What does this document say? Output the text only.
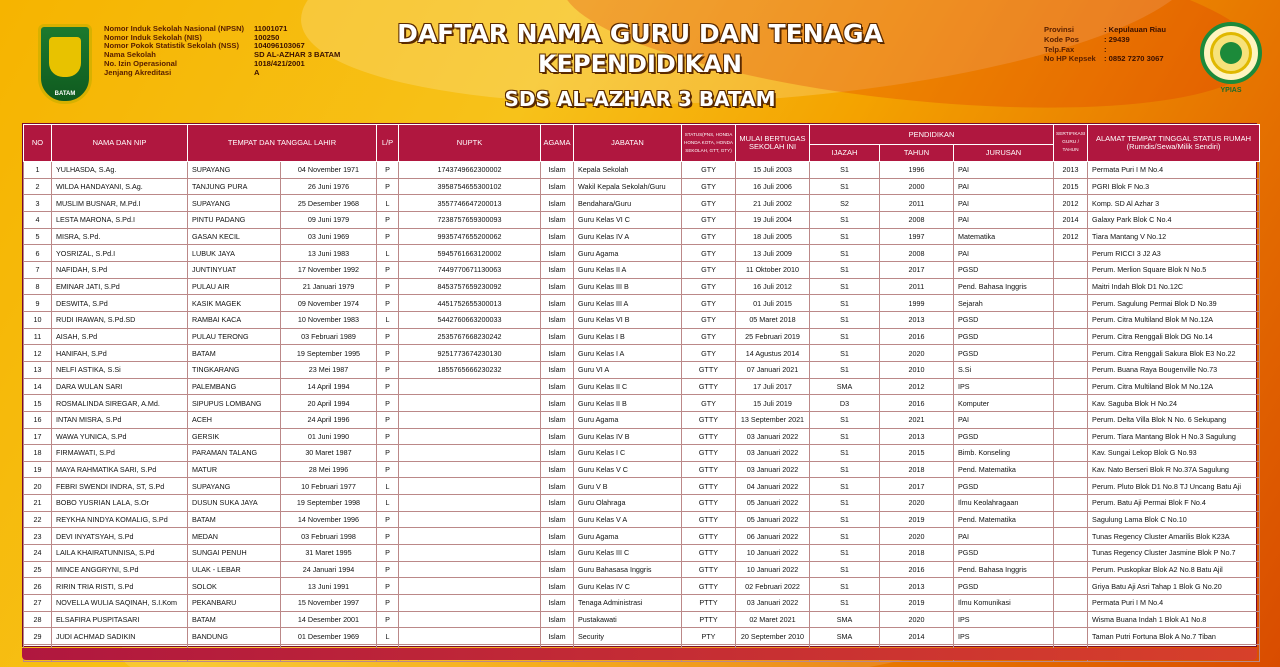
BATAM
Nomor Induk Sekolah Nasional (NPSN)	11001071
Nomor Induk Sekolah (NIS)	100250
Nomor Pokok Statistik Sekolah (NSS)	104096103067
Nama Sekolah	SD AL-AZHAR 3 BATAM
No. Izin Operasional	1018/421/2001
Jenjang Akreditasi	A
DAFTAR NAMA GURU DAN TENAGA
KEPENDIDIKAN
SDS AL-AZHAR 3 BATAM
Provinsi	: Kepulauan Riau
Kode Pos	: 29439
Telp.Fax	:
No HP Kepsek	: 0852 7270 3067
YPIAS
NO	NAMA DAN NIP	TEMPAT DAN TANGGAL LAHIR		L/P	NUPTK	AGAMA	JABATAN	STATUS(PNS, HONDA HONDA KOTA, HONDA SEKOLAH, GTT, GTY)	MULAI BERTUGAS SEKOLAH INI	PENDIDIKAN			SERTIFIKASI GURU / TAHUN	ALAMAT TEMPAT TINGGAL STATUS RUMAH (Rumdis/Sewa/Milik Sendiri)
										IJAZAH	TAHUN	JURUSAN		
1	YULHASDA, S.Ag.	SUPAYANG	04 November 1971	P	1743749662300002	Islam	Kepala Sekolah	GTY	15 Juli 2003	S1	1996	PAI	2013	Permata Puri I M No.4
2	WILDA HANDAYANI, S.Ag.	TANJUNG PURA	26 Juni 1976	P	3958754655300102	Islam	Wakil Kepala Sekolah/Guru	GTY	16 Juli 2006	S1	2000	PAI	2015	PGRI Blok F No.3
3	MUSLIM BUSNAR, M.Pd.I	SUPAYANG	25 Desember 1968	L	3557746647200013	Islam	Bendahara/Guru	GTY	21 Juli 2002	S2	2011	PAI	2012	Komp. SD Al Azhar 3
4	LESTA MARONA, S.Pd.I	PINTU PADANG	09 Juni 1979	P	7238757659300093	Islam	Guru Kelas VI C	GTY	19 Juli 2004	S1	2008	PAI	2014	Galaxy Park Blok C No.4
5	MISRA, S.Pd.	GASAN KECIL	03 Juni 1969	P	9935747655200062	Islam	Guru Kelas IV A	GTY	18 Juli 2005	S1	1997	Matematika	2012	Tiara Mantang V No.12
6	YOSRIZAL, S.Pd.I	LUBUK JAYA	13 Juni 1983	L	5945761663120002	Islam	Guru Agama	GTY	13 Juli 2009	S1	2008	PAI		Perum RICCI 3 J2 A3
7	NAFIDAH, S.Pd	JUNTINYUAT	17 November 1992	P	7449770671130063	Islam	Guru Kelas II A	GTY	11 Oktober 2010	S1	2017	PGSD		Perum. Merlion Square Blok N No.5
8	EMINAR JATI, S.Pd	PULAU AIR	21 Januari 1979	P	8453757659230092	Islam	Guru Kelas III B	GTY	16 Juli 2012	S1	2011	Pend. Bahasa Inggris		Maitri Indah Blok D1 No.12C
9	DESWITA, S.Pd	KASIK MAGEK	09 November 1974	P	4451752655300013	Islam	Guru Kelas III A	GTY	01 Juli 2015	S1	1999	Sejarah		Perum. Sagulung Permai Blok D No.39
10	RUDI IRAWAN, S.Pd.SD	RAMBAI KACA	10 November 1983	L	5442760663200033	Islam	Guru Kelas VI B	GTY	05 Maret 2018	S1	2013	PGSD		Perum. Citra Multiland Blok M No.12A
11	AISAH, S.Pd	PULAU TERONG	03 Februari 1989	P	2535767668230242	Islam	Guru Kelas I B	GTY	25 Februari 2019	S1	2016	PGSD		Perum. Citra Renggali Blok DG No.14
12	HANIFAH, S.Pd	BATAM	19 September 1995	P	9251773674230130	Islam	Guru Kelas I A	GTY	14 Agustus 2014	S1	2020	PGSD		Perum. Citra Renggali Sakura Blok E3 No.22
13	NELFI ASTIKA, S.Si	TINGKARANG	23 Mei 1987	P	1855765666230232	Islam	Guru VI A	GTTY	07 Januari 2021	S1	2010	S.Si		Perum. Buana Raya Bougenville No.73
14	DARA WULAN SARI	PALEMBANG	14 April 1994	P		Islam	Guru Kelas II C	GTTY	17 Juli 2017	SMA	2012	IPS		Perum. Citra Multiland Blok M No.12A
15	ROSMALINDA SIREGAR, A.Md.	SIPUPUS LOMBANG	20 April 1994	P		Islam	Guru Kelas II B	GTY	15 Juli 2019	D3	2016	Komputer		Kav. Saguba Blok H No.24
16	INTAN MISRA, S.Pd	ACEH	24 April 1996	P		Islam	Guru Agama	GTTY	13 September 2021	S1	2021	PAI		Perum. Delta Villa Blok N No. 6 Sekupang
17	WAWA YUNICA, S.Pd	GERSIK	01 Juni 1990	P		Islam	Guru Kelas IV B	GTTY	03 Januari 2022	S1	2013	PGSD		Perum. Tiara Mantang Blok H No.3 Sagulung
18	FIRMAWATI, S.Pd	PARAMAN TALANG	30 Maret 1987	P		Islam	Guru Kelas I C	GTTY	03 Januari 2022	S1	2015	Bimb. Konseling		Kav. Sungai Lekop Blok G No.93
19	MAYA RAHMATIKA SARI, S.Pd	MATUR	28 Mei 1996	P		Islam	Guru Kelas V C	GTTY	03 Januari 2022	S1	2018	Pend. Matematika		Kav. Nato Berseri Blok R No.37A Sagulung
20	FEBRI SWENDI INDRA, ST, S.Pd	SUPAYANG	10 Februari 1977	L		Islam	Guru V B	GTTY	04 Januari 2022	S1	2017	PGSD		Perum. Pluto Blok D1 No.8 TJ Uncang Batu Aji
21	BOBO YUSRIAN LALA, S.Or	DUSUN SUKA JAYA	19 September 1998	L		Islam	Guru Olahraga	GTTY	05 Januari 2022	S1	2020	Ilmu Keolahragaan		Perum. Batu Aji Permai Blok F No.4
22	REYKHA NINDYA KOMALIG, S.Pd	BATAM	14 November 1996	P		Islam	Guru Kelas V A	GTTY	05 Januari 2022	S1	2019	Pend. Matematika		Sagulung Lama Blok C No.10
23	DEVI INYATSYAH, S.Pd	MEDAN	03 Februari 1998	P		Islam	Guru Agama	GTTY	06 Januari 2022	S1	2020	PAI		Tunas Regency Cluster Amarilis Blok K23A
24	LAILA KHAIRATUNNISA, S.Pd	SUNGAI PENUH	31 Maret 1995	P		Islam	Guru Kelas III C	GTTY	10 Januari 2022	S1	2018	PGSD		Tunas Regency Cluster Jasmine Blok P No.7
25	MINCE ANGGRYNI, S.Pd	ULAK - LEBAR	24 Januari 1994	P		Islam	Guru Bahasasa Inggris	GTTY	10 Januari 2022	S1	2016	Pend. Bahasa Inggris		Perum. Puskopkar Blok A2 No.8 Batu Ajil
26	RIRIN TRIA RISTI, S.Pd	SOLOK	13 Juni 1991	P		Islam	Guru Kelas IV C	GTTY	02 Februari 2022	S1	2013	PGSD		Griya Batu Aji Asri Tahap 1 Blok G No.20
27	NOVELLA WULIA SAQINAH, S.I.Kom	PEKANBARU	15 November 1997	P		Islam	Tenaga Administrasi	PTTY	03 Januari 2022	S1	2019	Ilmu Komunikasi		Permata Puri I M No.4
28	ELSAFIRA PUSPITASARI	BATAM	14 Desember 2001	P		Islam	Pustakawati	PTTY	02 Maret 2021	SMA	2020	IPS		Wisma Buana Indah 1 Blok A1 No.8
29	JUDI ACHMAD SADIKIN	BANDUNG	01 Desember 1969	L		Islam	Security	PTY	20 September 2010	SMA	2014	IPS		Taman Putri Fortuna Blok A No.7 Tiban
